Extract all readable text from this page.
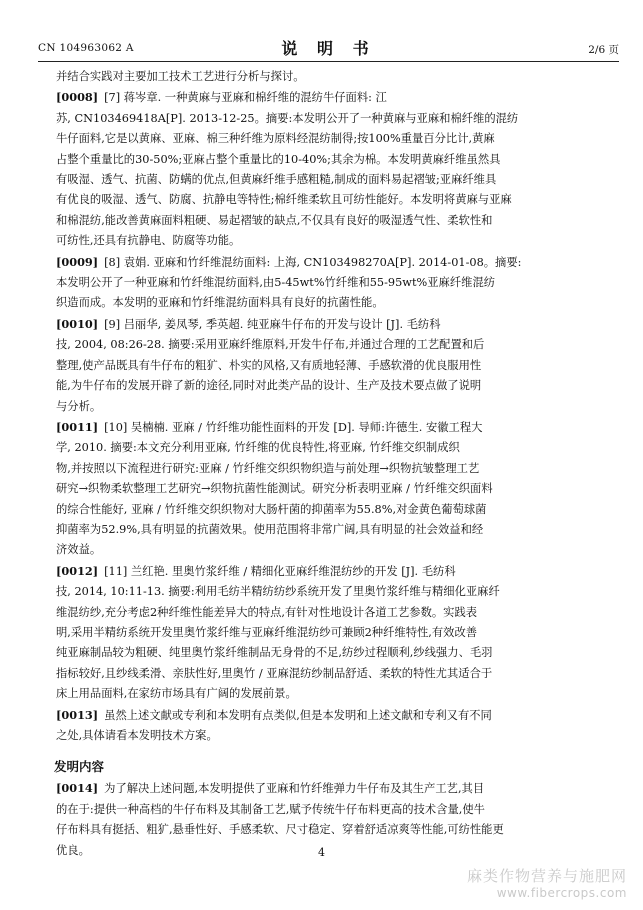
CN 104963062 A	说 明 书	2/6 页
并结合实践对主要加工技术工艺进行分析与探讨。
[0008] [7] 蒋岑章. 一种黄麻与亚麻和棉纤维的混纺牛仔面料: 江
苏, CN103469418A[P]. 2013-12-25。摘要:本发明公开了一种黄麻与亚麻和棉纤维的混纺
牛仔面料,它是以黄麻、亚麻、棉三种纤维为原料经混纺制得;按100%重量百分比计,黄麻
占整个重量比的30-50%;亚麻占整个重量比的10-40%;其余为棉。本发明黄麻纤维虽然具
有吸湿、透气、抗菌、防螨的优点,但黄麻纤维手感粗糙,制成的面料易起褶皱;亚麻纤维具
有优良的吸湿、透气、防腐、抗静电等特性;棉纤维柔软且可纺性能好。本发明将黄麻与亚麻
和棉混纺,能改善黄麻面料粗硬、易起褶皱的缺点,不仅具有良好的吸湿透气性、柔软性和
可纺性,还具有抗静电、防腐等功能。
[0009] [8] 袁娟. 亚麻和竹纤维混纺面料: 上海, CN103498270A[P]. 2014-01-08。摘要:
本发明公开了一种亚麻和竹纤维混纺面料,由5-45wt%竹纤维和55-95wt%亚麻纤维混纺
织造而成。本发明的亚麻和竹纤维混纺面料具有良好的抗菌性能。
[0010] [9] 吕丽华, 姜凤琴, 季英超. 纯亚麻牛仔布的开发与设计 [J]. 毛纺科
技, 2004, 08:26-28. 摘要:采用亚麻纤维原料,开发牛仔布,并通过合理的工艺配置和后
整理,使产品既具有牛仔布的粗犷、朴实的风格,又有质地轻薄、手感软滑的优良服用性
能,为牛仔布的发展开辟了新的途径,同时对此类产品的设计、生产及技术要点做了说明
与分析。
[0011] [10] 吴楠楠. 亚麻 / 竹纤维功能性面料的开发 [D]. 导师:许德生. 安徽工程大
学, 2010. 摘要:本文充分利用亚麻, 竹纤维的优良特性,将亚麻, 竹纤维交织制成织
物,并按照以下流程进行研究:亚麻 / 竹纤维交织织物织造与前处理→织物抗皱整理工艺
研究→织物柔软整理工艺研究→织物抗菌性能测试。研究分析表明亚麻 / 竹纤维交织面料
的综合性能好, 亚麻 / 竹纤维交织织物对大肠杆菌的抑菌率为55.8%,对金黄色葡萄球菌
抑菌率为52.9%,具有明显的抗菌效果。使用范围将非常广阔,具有明显的社会效益和经
济效益。
[0012] [11] 兰红艳. 里奥竹浆纤维 / 精细化亚麻纤维混纺纱的开发 [J]. 毛纺科
技, 2014, 10:11-13. 摘要:利用毛纺半精纺纺纱系统开发了里奥竹浆纤维与精细化亚麻纤
维混纺纱,充分考虑2种纤维性能差异大的特点,有针对性地设计各道工艺参数。实践表
明,采用半精纺系统开发里奥竹浆纤维与亚麻纤维混纺纱可兼顾2种纤维特性,有效改善
纯亚麻制品较为粗硬、纯里奥竹浆纤维制品无身骨的不足,纺纱过程顺利,纱线强力、毛羽
指标较好,且纱线柔滑、亲肤性好,里奥竹 / 亚麻混纺纱制品舒适、柔软的特性尤其适合于
床上用品面料,在家纺市场具有广阔的发展前景。
[0013] 虽然上述文献或专利和本发明有点类似,但是本发明和上述文献和专利又有不同
之处,具体请看本发明技术方案。
发明内容
[0014] 为了解决上述问题,本发明提供了亚麻和竹纤维弹力牛仔布及其生产工艺,其目
的在于:提供一种高档的牛仔布料及其制备工艺,赋予传统牛仔布料更高的技术含量,使牛
仔布料具有挺括、粗犷,悬垂性好、手感柔软、尺寸稳定、穿着舒适凉爽等性能,可纺性能更
优良。	4
麻类作物营养与施肥网
www.fibercrops.com
